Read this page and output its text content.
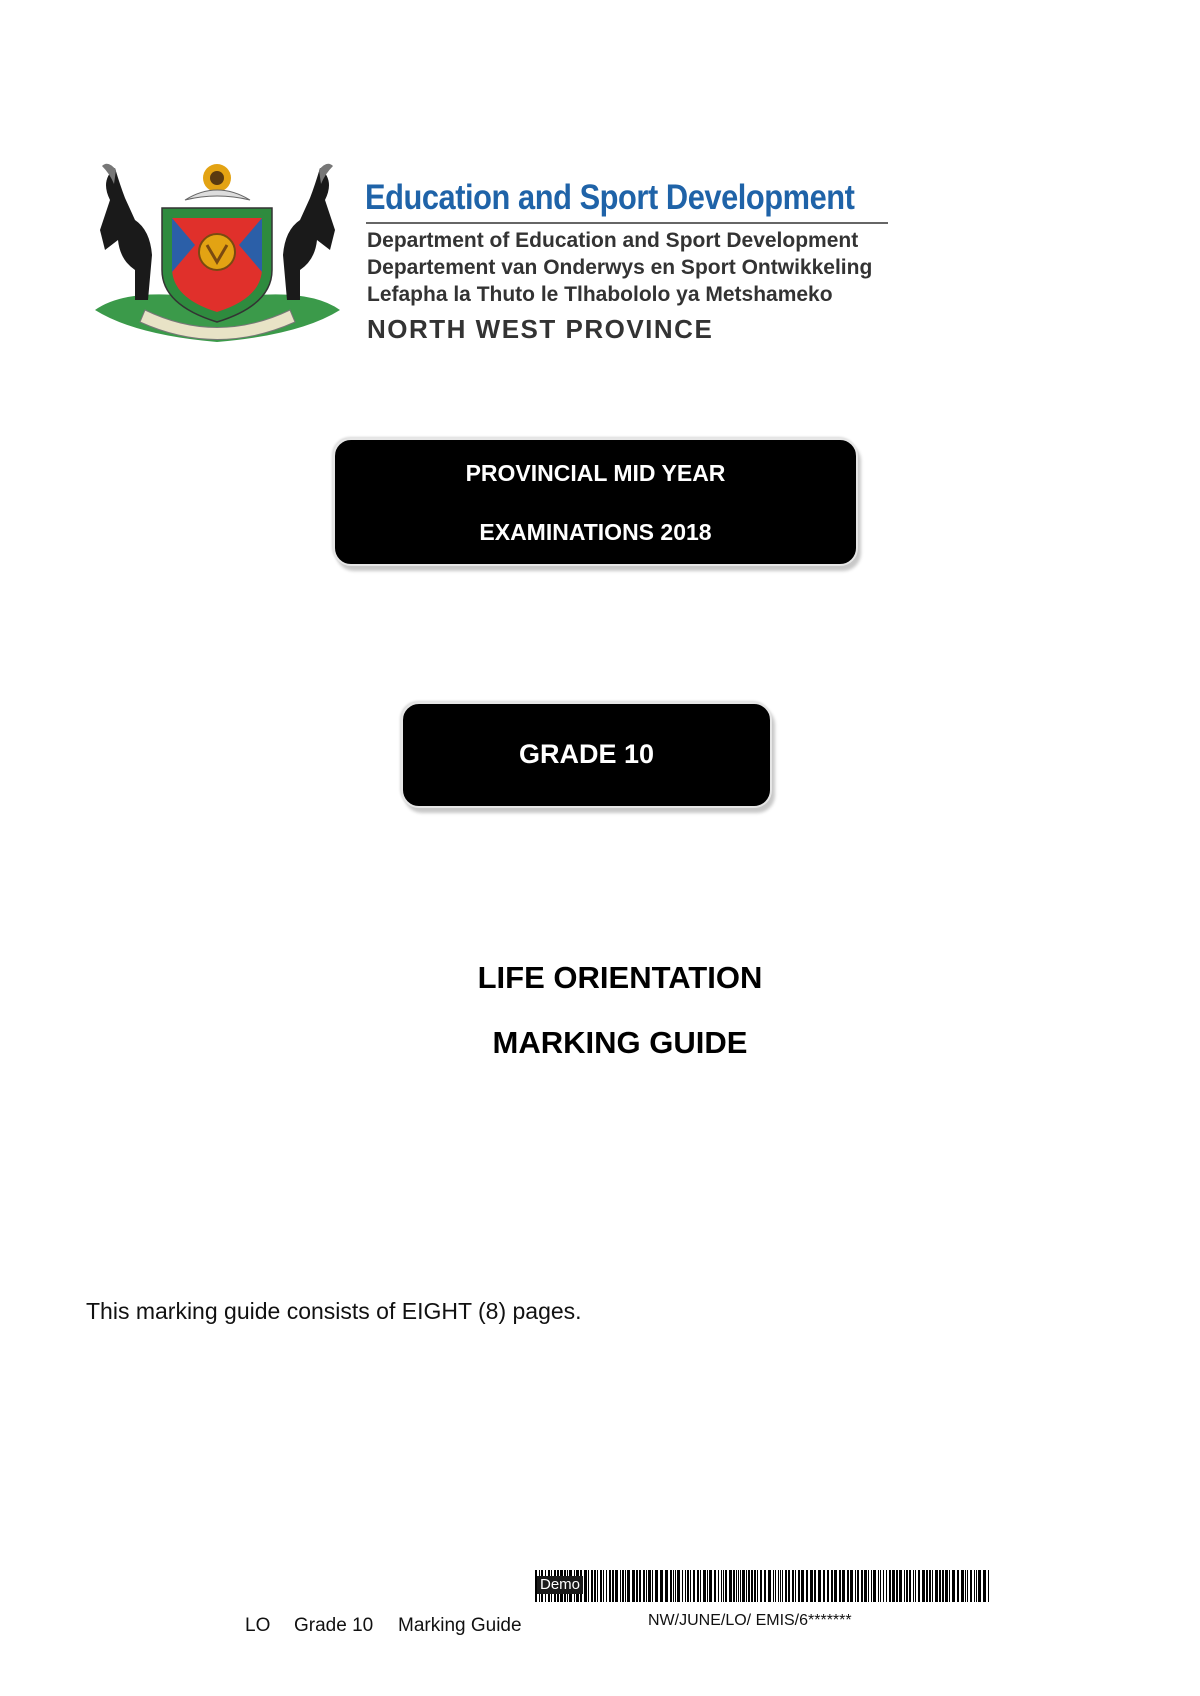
Education and Sport Development
Department of Education and Sport Development
Departement van Onderwys en Sport Ontwikkeling
Lefapha la Thuto le Tlhabololo ya Metshameko
NORTH WEST PROVINCE
PROVINCIAL MID YEAR
EXAMINATIONS 2018
GRADE 10
LIFE ORIENTATION
MARKING GUIDE
This marking guide consists of EIGHT (8) pages.
Demo
LO Grade 10 Marking Guide	NW/JUNE/LO/ EMIS/6*******
